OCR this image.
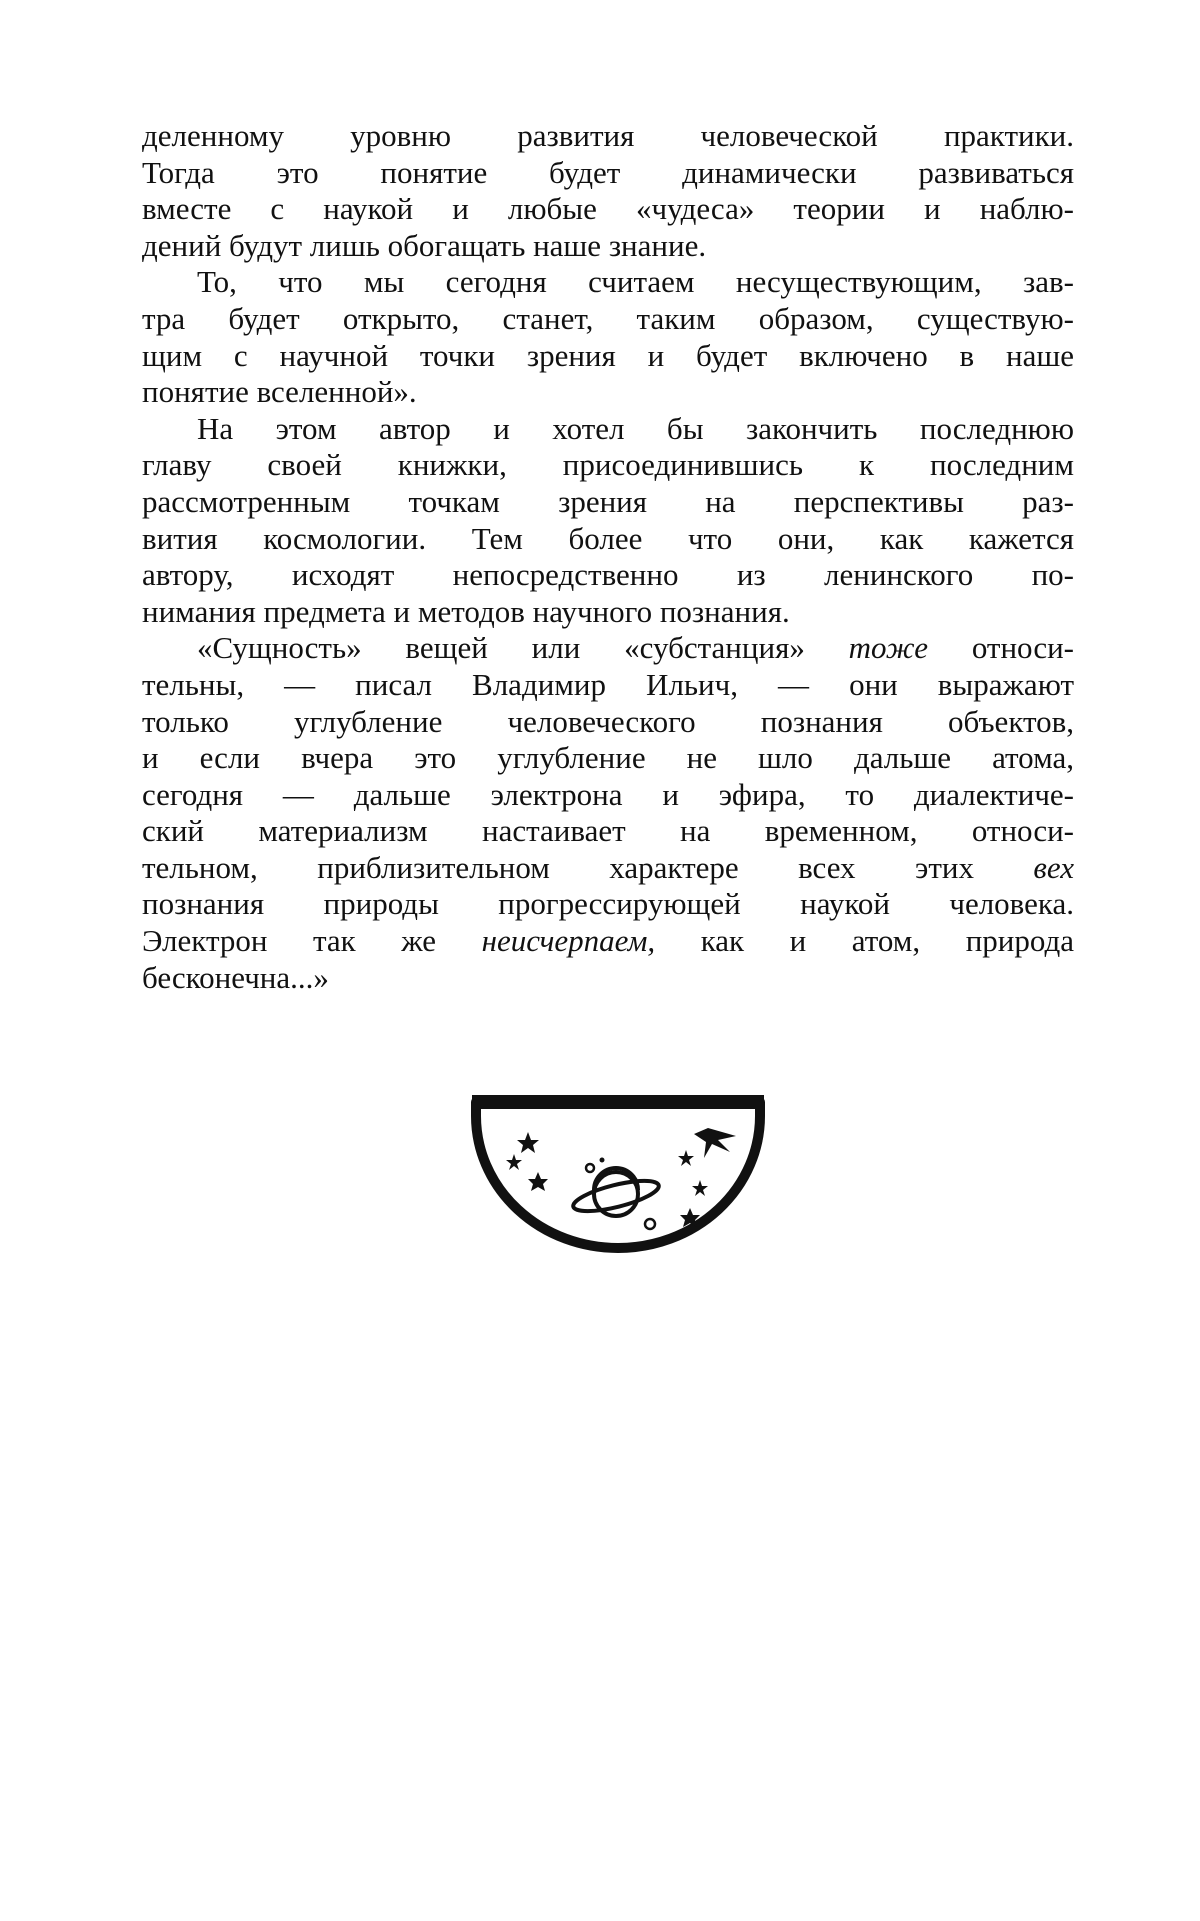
деленному уровню развития человеческой практики.
Тогда это понятие будет динамически развиваться
вместе с наукой и любые «чудеса» теории и наблю-
дений будут лишь обогащать наше знание.
То, что мы сегодня считаем несуществующим, зав-
тра будет открыто, станет, таким образом, существую-
щим с научной точки зрения и будет включено в наше
понятие вселенной».
На этом автор и хотел бы закончить последнюю
главу своей книжки, присоединившись к последним
рассмотренным точкам зрения на перспективы раз-
вития космологии. Тем более что они, как кажется
автору, исходят непосредственно из ленинского по-
нимания предмета и методов научного познания.
«Сущность» вещей или «субстанция» тоже относи-
тельны, — писал Владимир Ильич, — они выражают
только углубление человеческого познания объектов,
и если вчера это углубление не шло дальше атома,
сегодня — дальше электрона и эфира, то диалектиче-
ский материализм настаивает на временном, относи-
тельном, приблизительном характере всех этих вех
познания природы прогрессирующей наукой человека.
Электрон так же неисчерпаем, как и атом, природа
бесконечна...»
